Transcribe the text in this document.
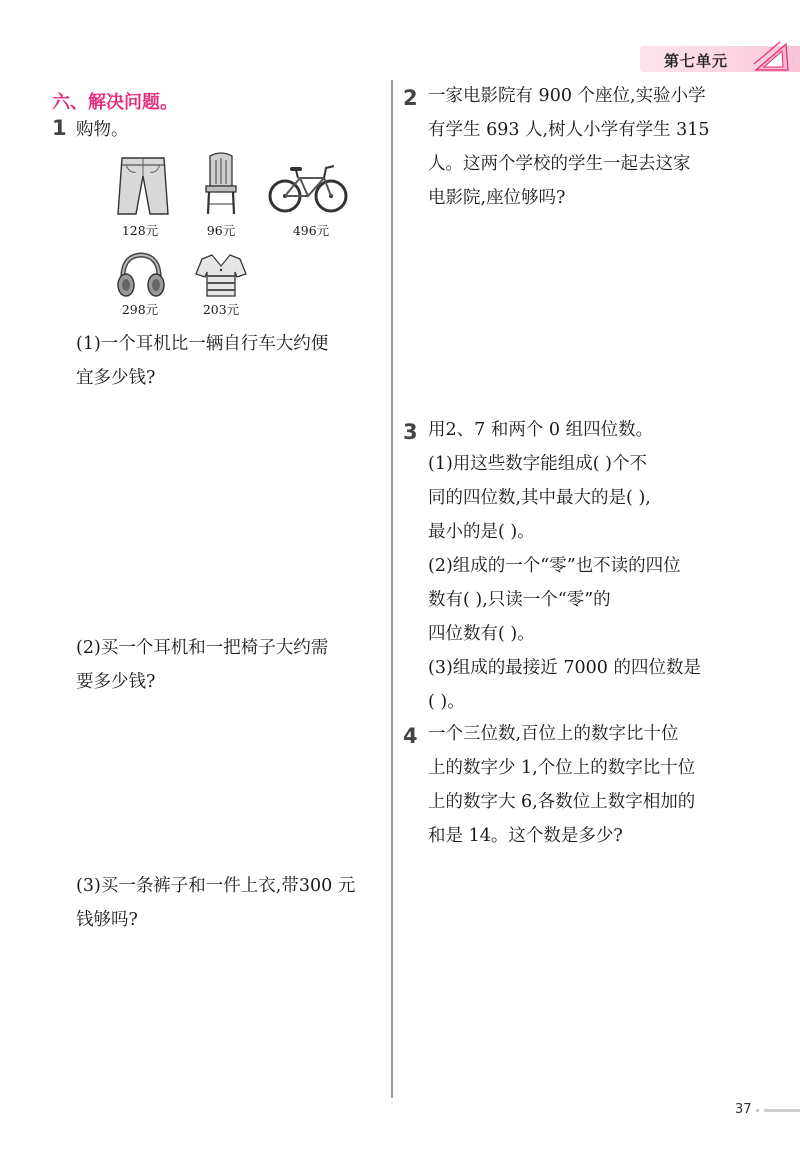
第七单元
六、解决问题。
1 购物。
128元	96元	496元
298元	203元
(1)一个耳机比一辆自行车大约便
宜多少钱?
(2)买一个耳机和一把椅子大约需
要多少钱?
(3)买一条裤子和一件上衣,带300 元
钱够吗?
2 一家电影院有 900 个座位,实验小学
有学生 693 人,树人小学有学生 315
人。这两个学校的学生一起去这家
电影院,座位够吗?
3 用2、7 和两个 0 组四位数。
(1)用这些数字能组成( )个不
同的四位数,其中最大的是( ),
最小的是( )。
(2)组成的一个“零”也不读的四位
数有( ),只读一个“零”的
四位数有( )。
(3)组成的最接近 7000 的四位数是
( )。
4 一个三位数,百位上的数字比十位
上的数字少 1,个位上的数字比十位
上的数字大 6,各数位上数字相加的
和是 14。这个数是多少?
37
